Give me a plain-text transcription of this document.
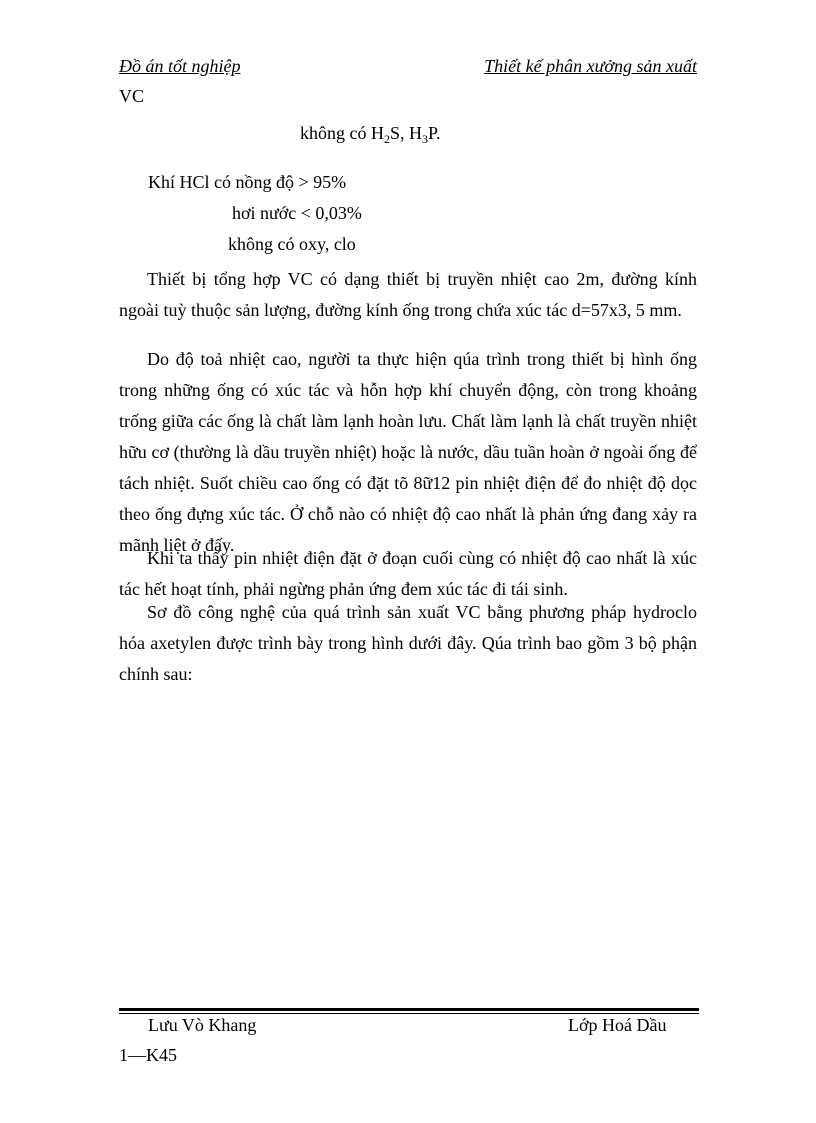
Đồ án tốt nghiệp	Thiết kế phân xưởng sản xuất
VC
không có $H_2S$, $H_3P$.
Khí HCl có nồng độ > 95%
hơi nước < 0,03%
không có oxy, clo

Thiết bị tổng hợp VC có dạng thiết bị truyền nhiệt cao 2m, đường kính ngoài tuỳ thuộc sản lượng, đường kính ống trong chứa xúc tác d=57x3, 5 mm.

Do độ toả nhiệt cao, người ta thực hiện qúa trình trong thiết bị hình ống trong những ống có xúc tác và hỗn hợp khí chuyển động, còn trong khoảng trống giữa các ống là chất làm lạnh hoàn lưu. Chất làm lạnh là chất truyền nhiệt hữu cơ (thường là dầu truyền nhiệt) hoặc là nước, dầu tuần hoàn ở ngoài ống để tách nhiệt. Suốt chiều cao ống có đặt tõ 8ữ12 pin nhiệt điện để đo nhiệt độ dọc theo ống đựng xúc tác. Ở chỗ nào có nhiệt độ cao nhất là phản ứng đang xảy ra mãnh liệt ở đấy.

Khi ta thấy pin nhiệt điện đặt ở đoạn cuối cùng có nhiệt độ cao nhất là xúc tác hết hoạt tính, phải ngừng phản ứng đem xúc tác đi tái sinh.

Sơ đồ công nghệ của quá trình sản xuất VC bằng phương pháp hydroclo hóa axetylen được trình bày trong hình dưới đây. Qúa trình bao gồm 3 bộ phận chính sau:

Lưu Vò Khang	Lớp Hoá Dầu
1—K45
